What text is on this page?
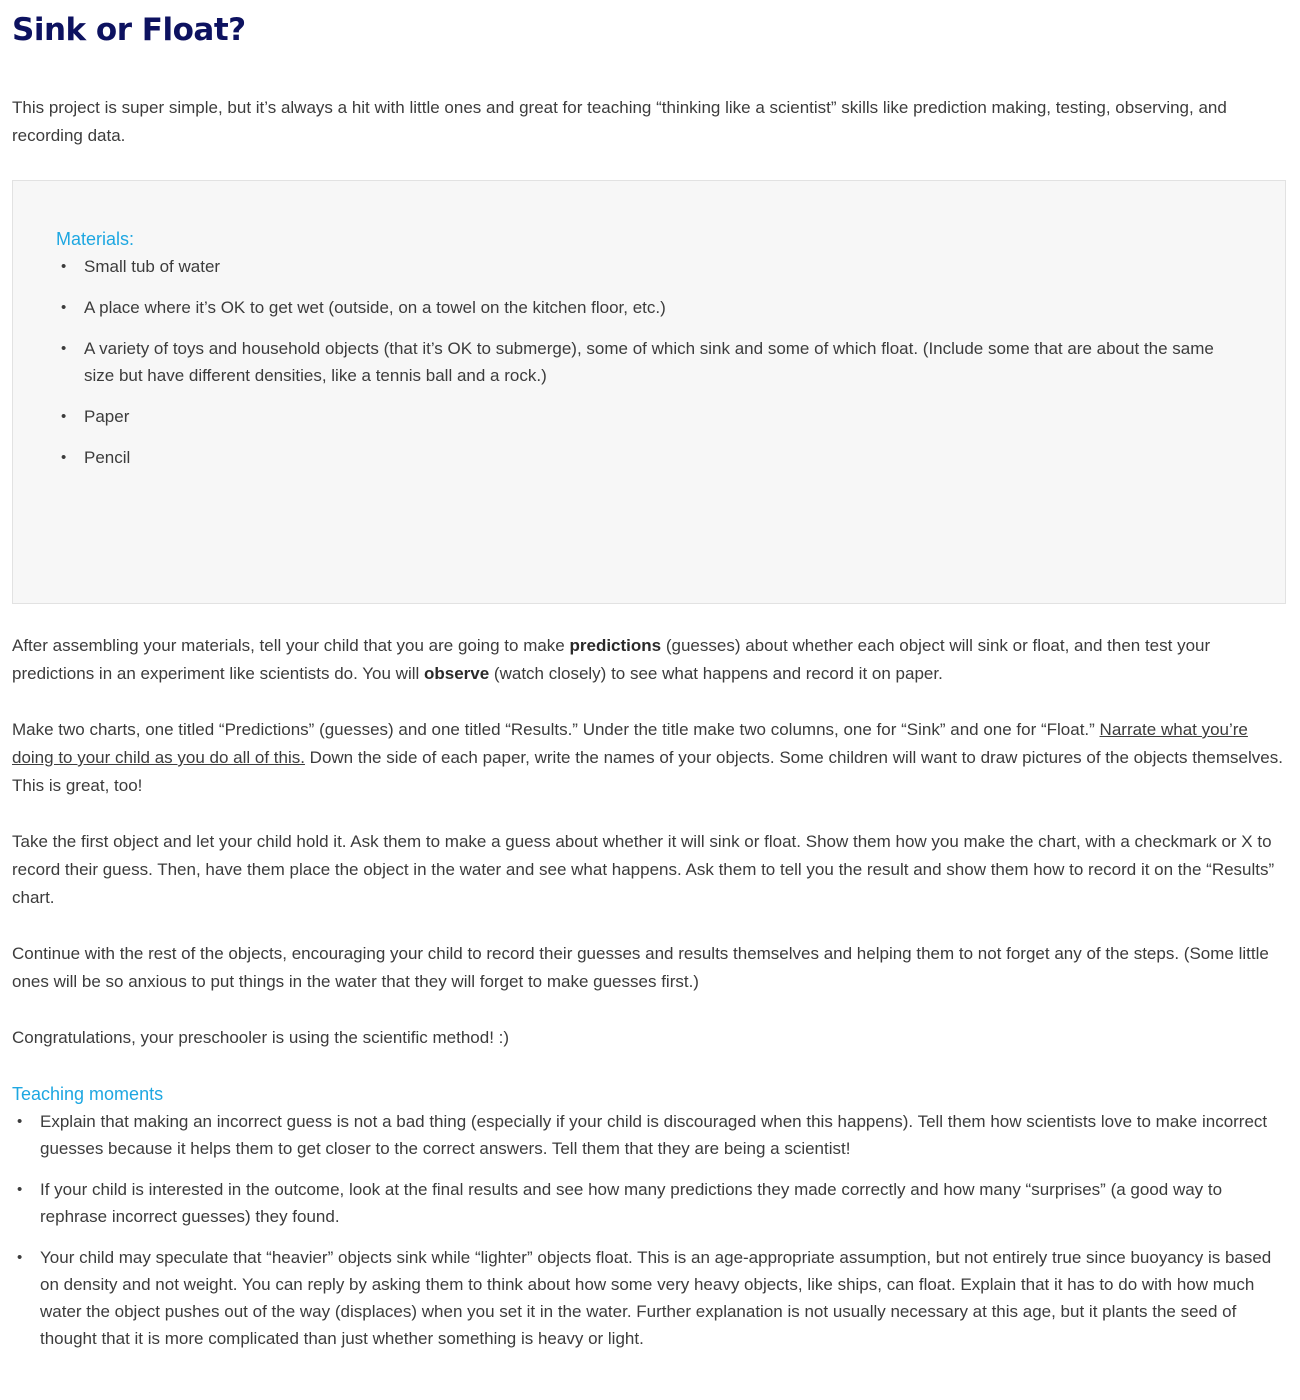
Sink or Float?

This project is super simple, but it’s always a hit with little ones and great for teaching “thinking like a scientist” skills like prediction making, testing, observing, and recording data.

Materials:
• Small tub of water
• A place where it’s OK to get wet (outside, on a towel on the kitchen floor, etc.)
• A variety of toys and household objects (that it’s OK to submerge), some of which sink and some of which float. (Include some that are about the same size but have different densities, like a tennis ball and a rock.)
• Paper
• Pencil

After assembling your materials, tell your child that you are going to make predictions (guesses) about whether each object will sink or float, and then test your predictions in an experiment like scientists do. You will observe (watch closely) to see what happens and record it on paper.

Make two charts, one titled “Predictions” (guesses) and one titled “Results.” Under the title make two columns, one for “Sink” and one for “Float.” Narrate what you’re doing to your child as you do all of this. Down the side of each paper, write the names of your objects. Some children will want to draw pictures of the objects themselves. This is great, too!

Take the first object and let your child hold it. Ask them to make a guess about whether it will sink or float. Show them how you make the chart, with a checkmark or X to record their guess. Then, have them place the object in the water and see what happens. Ask them to tell you the result and show them how to record it on the “Results” chart.

Continue with the rest of the objects, encouraging your child to record their guesses and results themselves and helping them to not forget any of the steps. (Some little ones will be so anxious to put things in the water that they will forget to make guesses first.)

Congratulations, your preschooler is using the scientific method! :)

Teaching moments
• Explain that making an incorrect guess is not a bad thing (especially if your child is discouraged when this happens). Tell them how scientists love to make incorrect guesses because it helps them to get closer to the correct answers. Tell them that they are being a scientist!
• If your child is interested in the outcome, look at the final results and see how many predictions they made correctly and how many “surprises” (a good way to rephrase incorrect guesses) they found.
• Your child may speculate that “heavier” objects sink while “lighter” objects float. This is an age-appropriate assumption, but not entirely true since buoyancy is based on density and not weight. You can reply by asking them to think about how some very heavy objects, like ships, can float. Explain that it has to do with how much water the object pushes out of the way (displaces) when you set it in the water. Further explanation is not usually necessary at this age, but it plants the seed of thought that it is more complicated than just whether something is heavy or light.
